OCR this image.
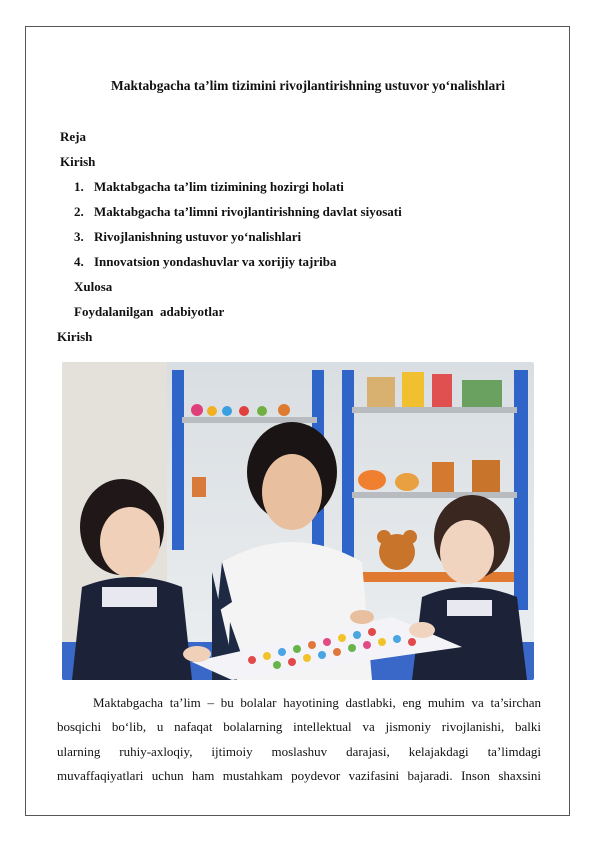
Maktabgacha ta’lim tizimini rivojlantirishning ustuvor yo‘nalishlari
Reja
Kirish
1. Maktabgacha ta’lim tizimining hozirgi holati
2. Maktabgacha ta’limni rivojlantirishning davlat siyosati
3. Rivojlanishning ustuvor yo‘nalishlari
4. Innovatsion yondashuvlar va xorijiy tajriba
Xulosa
Foydalanilgan  adabiyotlar
Kirish
Maktabgacha ta’lim – bu bolalar hayotining dastlabki, eng muhim va ta’sirchan
bosqichi bo‘lib, u nafaqat bolalarning intellektual va jismoniy rivojlanishi, balki
ularning ruhiy-axloqiy, ijtimoiy moslashuv darajasi, kelajakdagi ta’limdagi
muvaffaqiyatlari uchun ham mustahkam poydevor vazifasini bajaradi. Inson shaxsini
